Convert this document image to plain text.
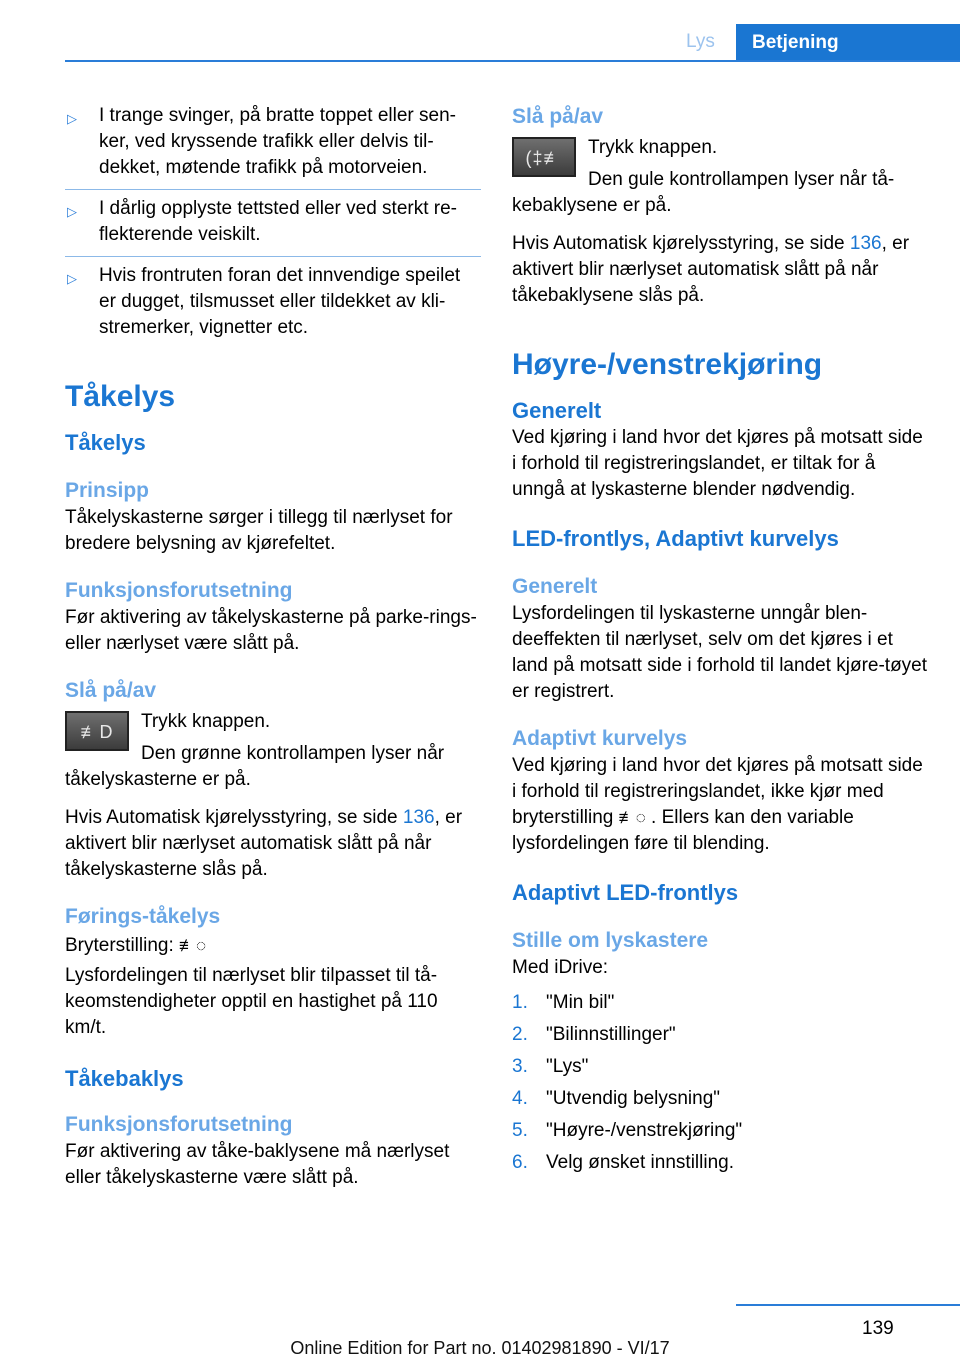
Lys	Betjening
▷ I trange svinger, på bratte toppet eller sen-ker, ved kryssende trafikk eller delvis til-dekket, møtende trafikk på motorveien.

▷ I dårlig opplyste tettsted eller ved sterkt re-flekterende veiskilt.

▷ Hvis frontruten foran det innvendige speilet er dugget, tilsmusset eller tildekket av kli-stremerker, vignetter etc.

Tåkelys
Tåkelys
Prinsipp

Tåkelyskasterne sørger i tillegg til nærlyset for bredere belysning av kjørefeltet.

Funksjonsforutsetning

Før aktivering av tåkelyskasterne på parke-rings- eller nærlyset være slått på.

Slå på/av
≢D	Trykk knappen.

Den grønne kontrollampen lyser når tåkelyskasterne er på.

Hvis Automatisk kjørelysstyring, se side 136, er aktivert blir nærlyset automatisk slått på når tåkelyskasterne slås på.

Førings-tåkelys

Bryterstilling: ≢◌

Lysfordelingen til nærlyset blir tilpasset til tå-keomstendigheter opptil en hastighet på 110 km/t.

Tåkebaklys
Funksjonsforutsetning

Før aktivering av tåke-baklysene må nærlyset eller tåkelyskasterne være slått på.

Slå på/av
(‡≢	Trykk knappen.

Den gule kontrollampen lyser når tå-kebaklysene er på.

Hvis Automatisk kjørelysstyring, se side 136, er aktivert blir nærlyset automatisk slått på når tåkebaklysene slås på.

Høyre-/venstrekjøring
Generelt

Ved kjøring i land hvor det kjøres på motsatt side i forhold til registreringslandet, er tiltak for å unngå at lyskasterne blender nødvendig.

LED-frontlys, Adaptivt kurvelys
Generelt

Lysfordelingen til lyskasterne unngår blen-deeffekten til nærlyset, selv om det kjøres i et land på motsatt side i forhold til landet kjøre-tøyet er registrert.

Adaptivt kurvelys

Ved kjøring i land hvor det kjøres på motsatt side i forhold til registreringslandet, ikke kjør med bryterstilling ≢◌ . Ellers kan den variable lysfordelingen føre til blending.

Adaptivt LED-frontlys
Stille om lyskastere

Med iDrive:

1. "Min bil"
2. "Bilinnstillinger"
3. "Lys"
4. "Utvendig belysning"
5. "Høyre-/venstrekjøring"
6. Velg ønsket innstilling.
139
Online Edition for Part no. 01402981890 - VI/17
